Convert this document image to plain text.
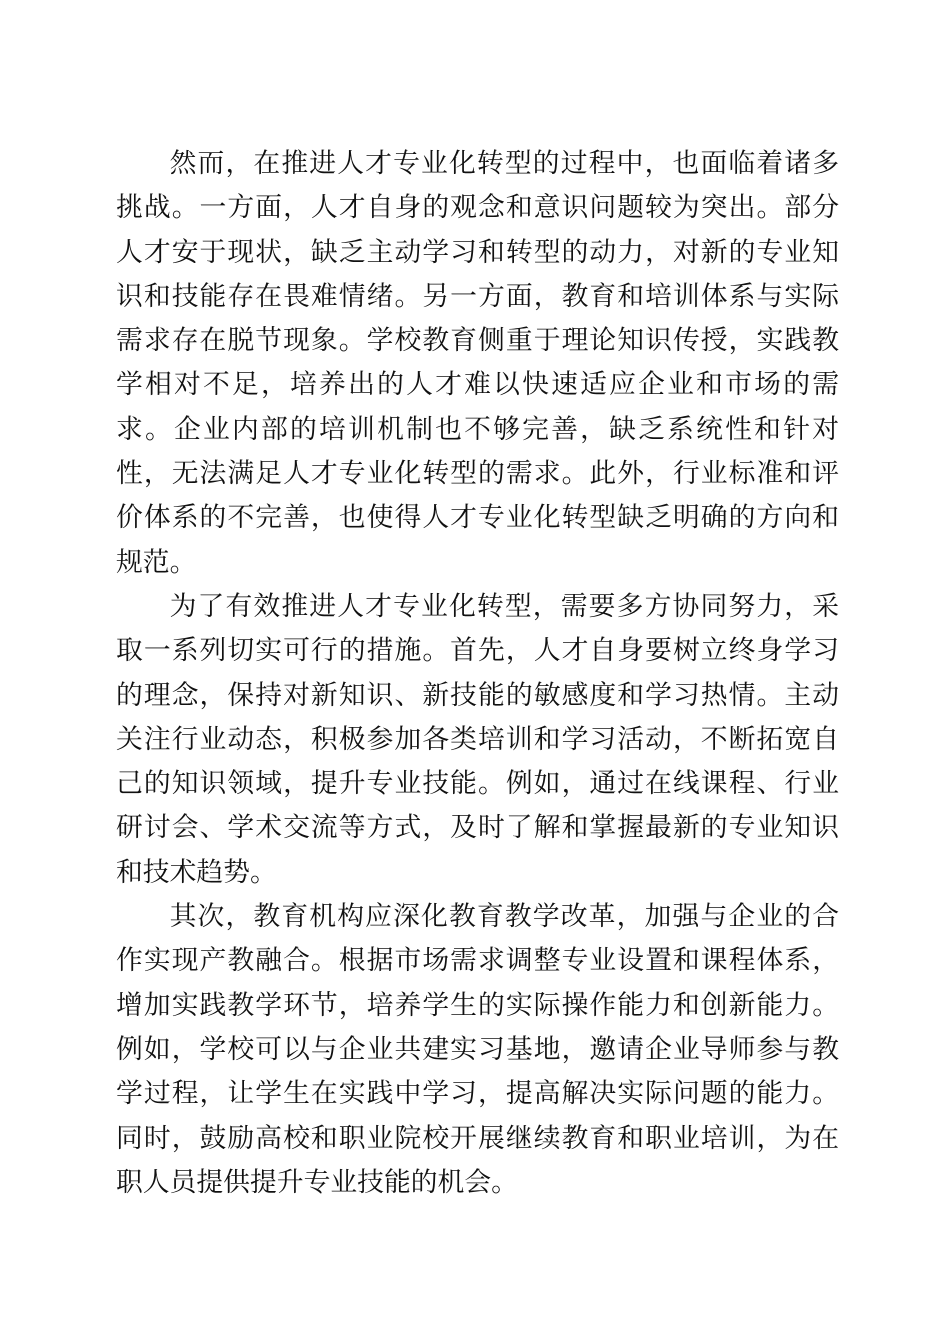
然而，在推进人才专业化转型的过程中，也面临着诸多挑战。一方面，人才自身的观念和意识问题较为突出。部分人才安于现状，缺乏主动学习和转型的动力，对新的专业知识和技能存在畏难情绪。另一方面，教育和培训体系与实际需求存在脱节现象。学校教育侧重于理论知识传授，实践教学相对不足，培养出的人才难以快速适应企业和市场的需求。企业内部的培训机制也不够完善，缺乏系统性和针对性，无法满足人才专业化转型的需求。此外，行业标准和评价体系的不完善，也使得人才专业化转型缺乏明确的方向和规范。

为了有效推进人才专业化转型，需要多方协同努力，采取一系列切实可行的措施。首先，人才自身要树立终身学习的理念，保持对新知识、新技能的敏感度和学习热情。主动关注行业动态，积极参加各类培训和学习活动，不断拓宽自己的知识领域，提升专业技能。例如，通过在线课程、行业研讨会、学术交流等方式，及时了解和掌握最新的专业知识和技术趋势。

其次，教育机构应深化教育教学改革，加强与企业的合作实现产教融合。根据市场需求调整专业设置和课程体系，增加实践教学环节，培养学生的实际操作能力和创新能力。例如，学校可以与企业共建实习基地，邀请企业导师参与教学过程，让学生在实践中学习，提高解决实际问题的能力。同时，鼓励高校和职业院校开展继续教育和职业培训，为在职人员提供提升专业技能的机会。
